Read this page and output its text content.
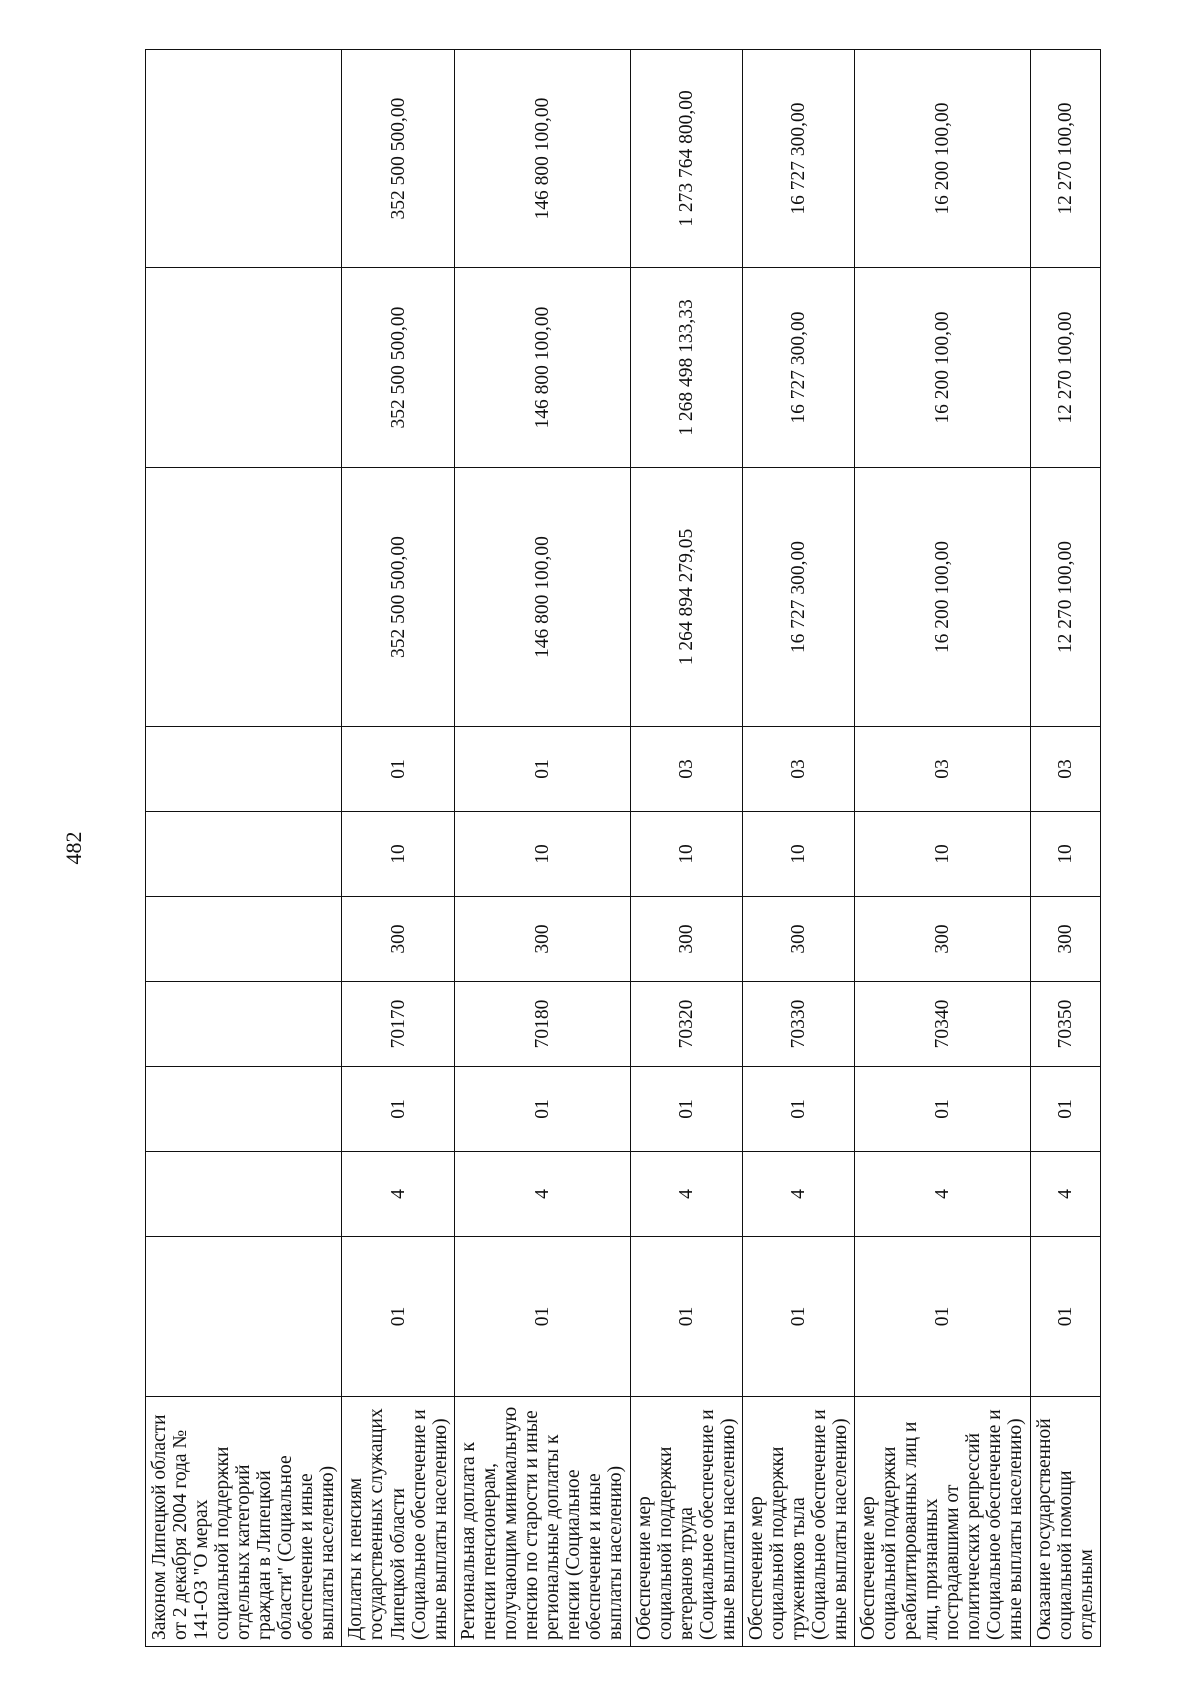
482
Законом Липецкой области от 2 декабря 2004 года № 141-ОЗ "О мерах социальной поддержки отдельных категорий граждан в Липецкой области" (Социальное обеспечение и иные выплаты населению)										
Доплаты к пенсиям государственных служащих Липецкой области (Социальное обеспечение и иные выплаты населению)	01	4	01	70170	300	10	01	352 500 500,00	352 500 500,00	352 500 500,00
Региональная доплата к пенсии пенсионерам, получающим минимальную пенсию по старости и иные региональные доплаты к пенсии (Социальное обеспечение и иные выплаты населению)	01	4	01	70180	300	10	01	146 800 100,00	146 800 100,00	146 800 100,00
Обеспечение мер социальной поддержки ветеранов труда (Социальное обеспечение и иные выплаты населению)	01	4	01	70320	300	10	03	1 264 894 279,05	1 268 498 133,33	1 273 764 800,00
Обеспечение мер социальной поддержки тружеников тыла (Социальное обеспечение и иные выплаты населению)	01	4	01	70330	300	10	03	16 727 300,00	16 727 300,00	16 727 300,00
Обеспечение мер социальной поддержки реабилитированных лиц и лиц, признанных пострадавшими от политических репрессий (Социальное обеспечение и иные выплаты населению)	01	4	01	70340	300	10	03	16 200 100,00	16 200 100,00	16 200 100,00
Оказание государственной социальной помощи отдельным	01	4	01	70350	300	10	03	12 270 100,00	12 270 100,00	12 270 100,00
